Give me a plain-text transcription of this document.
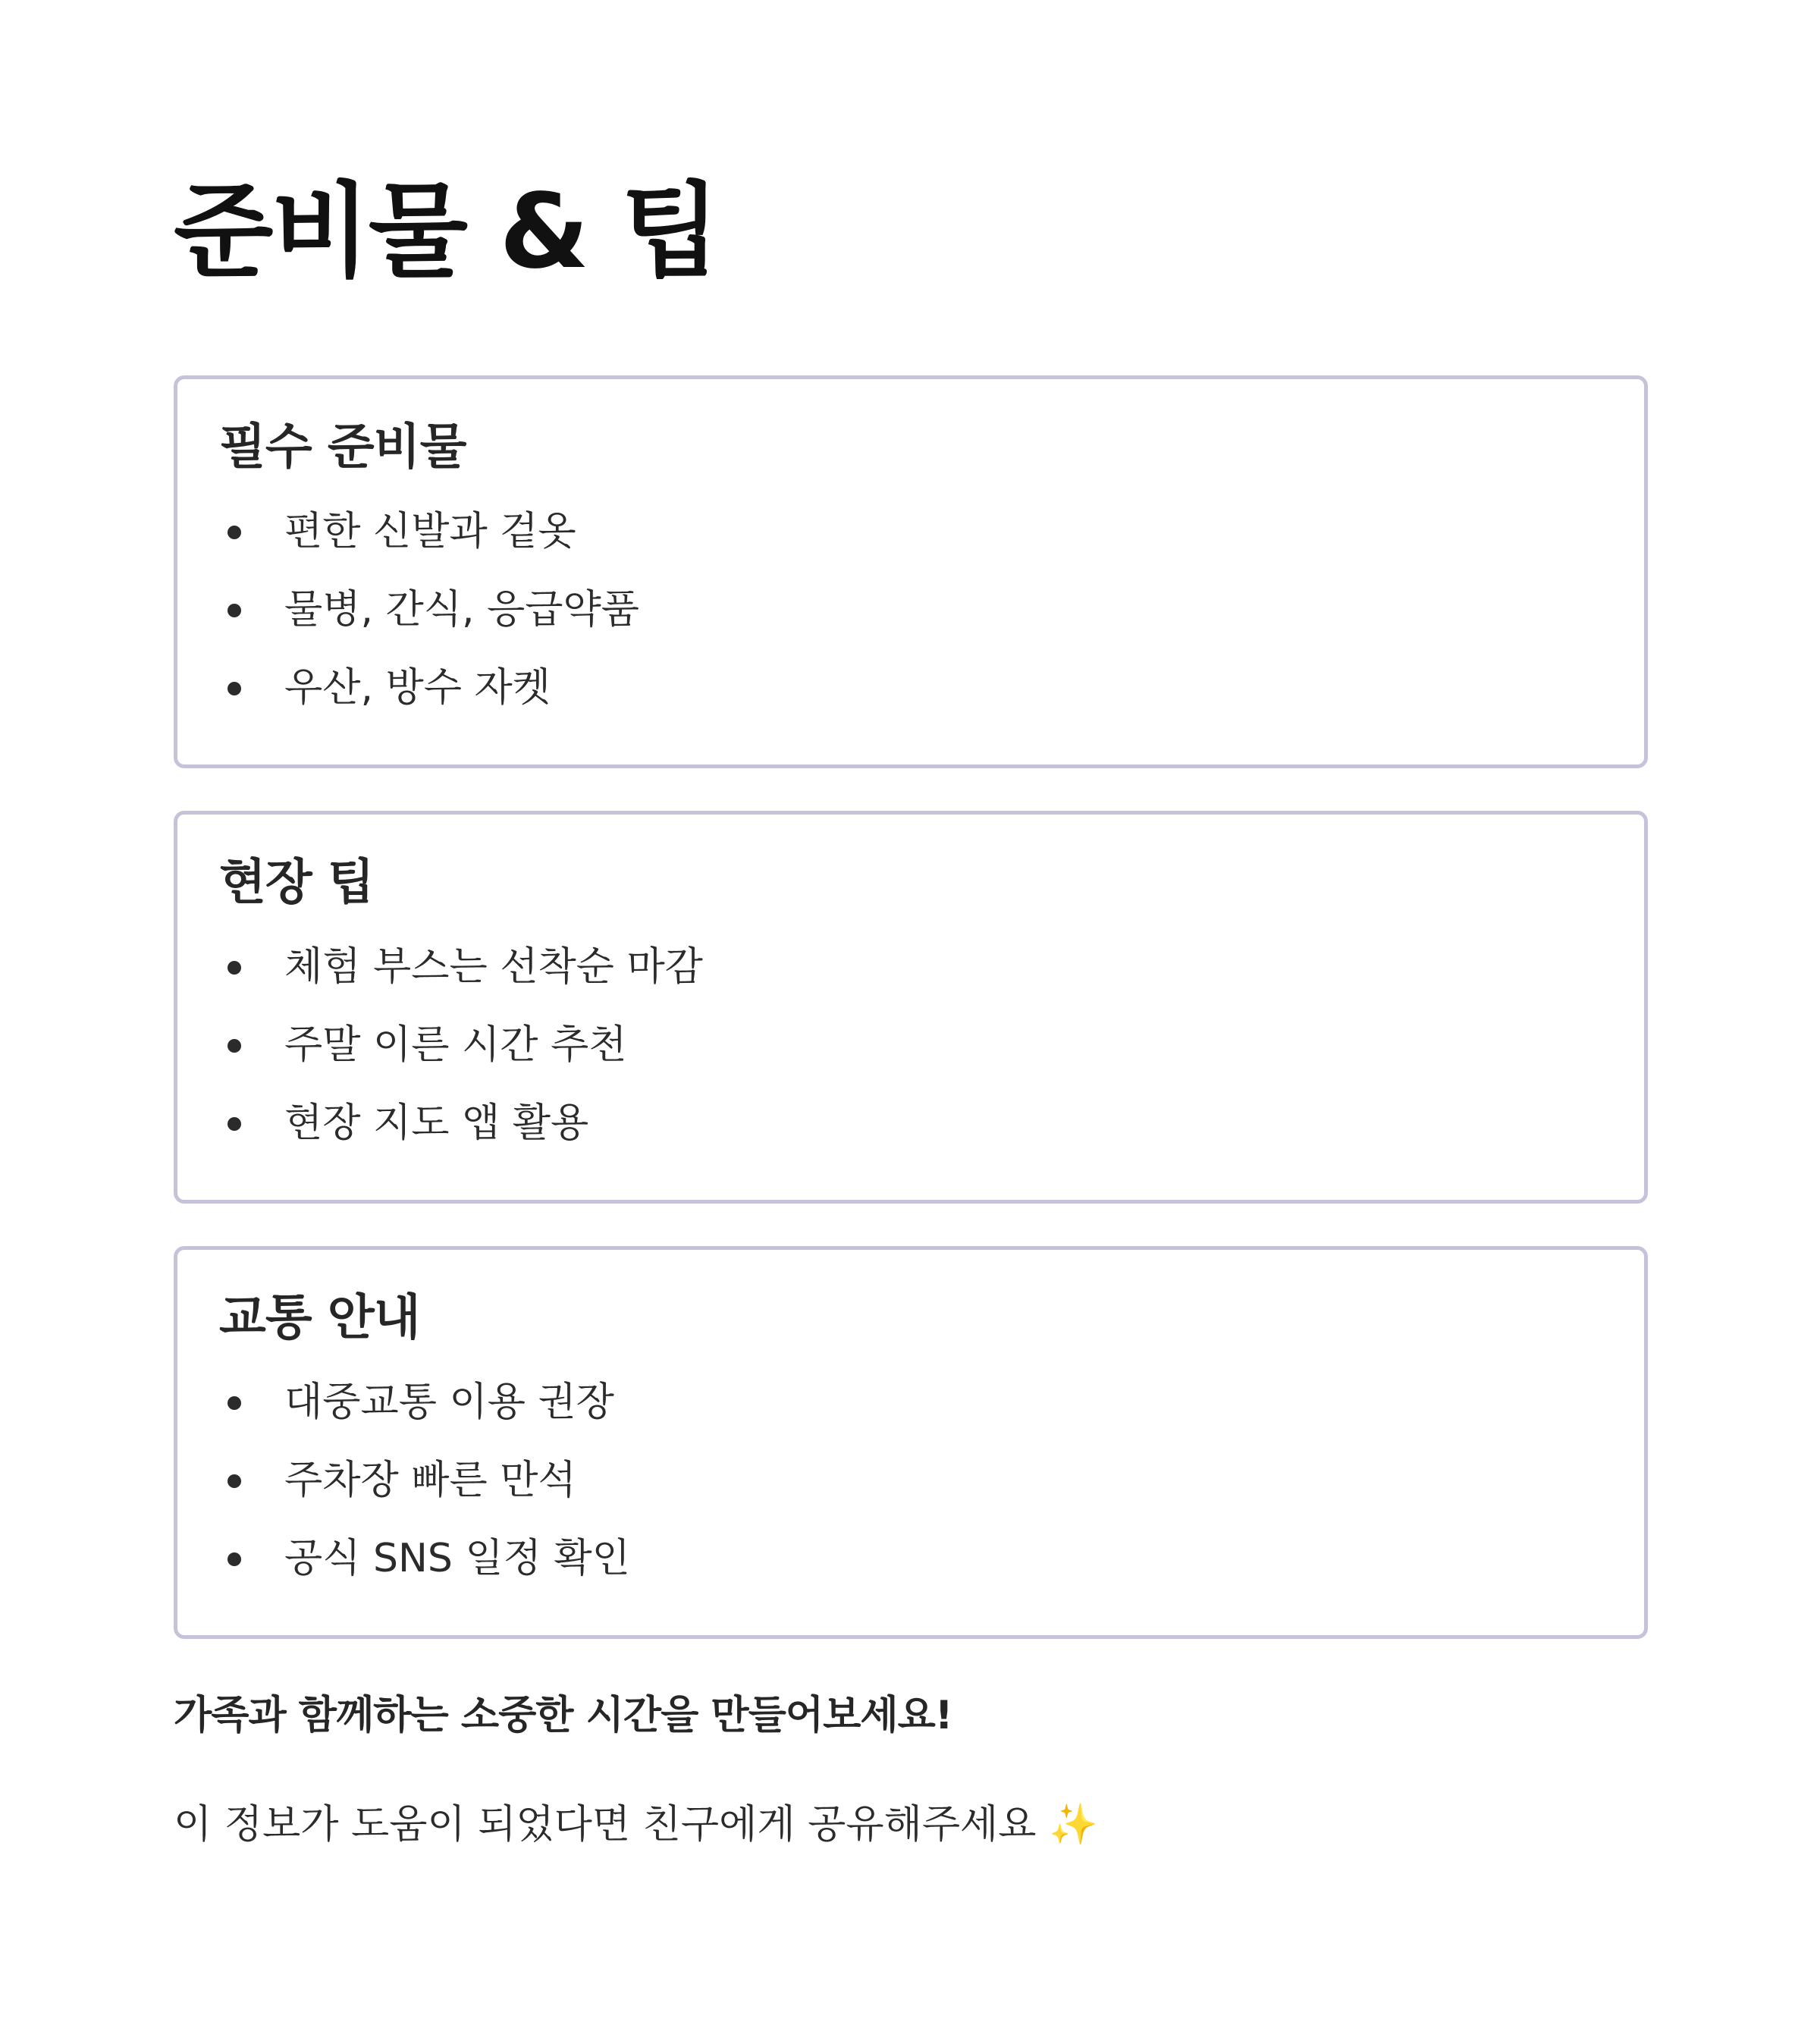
준비물 & 팁
필수 준비물
편한 신발과 겉옷
물병, 간식, 응급약품
우산, 방수 자켓
현장 팁
체험 부스는 선착순 마감
주말 이른 시간 추천
현장 지도 앱 활용
교통 안내
대중교통 이용 권장
주차장 빠른 만석
공식 SNS 일정 확인

가족과 함께하는 소중한 시간을 만들어보세요!

이 정보가 도움이 되었다면 친구에게 공유해주세요 ✨
